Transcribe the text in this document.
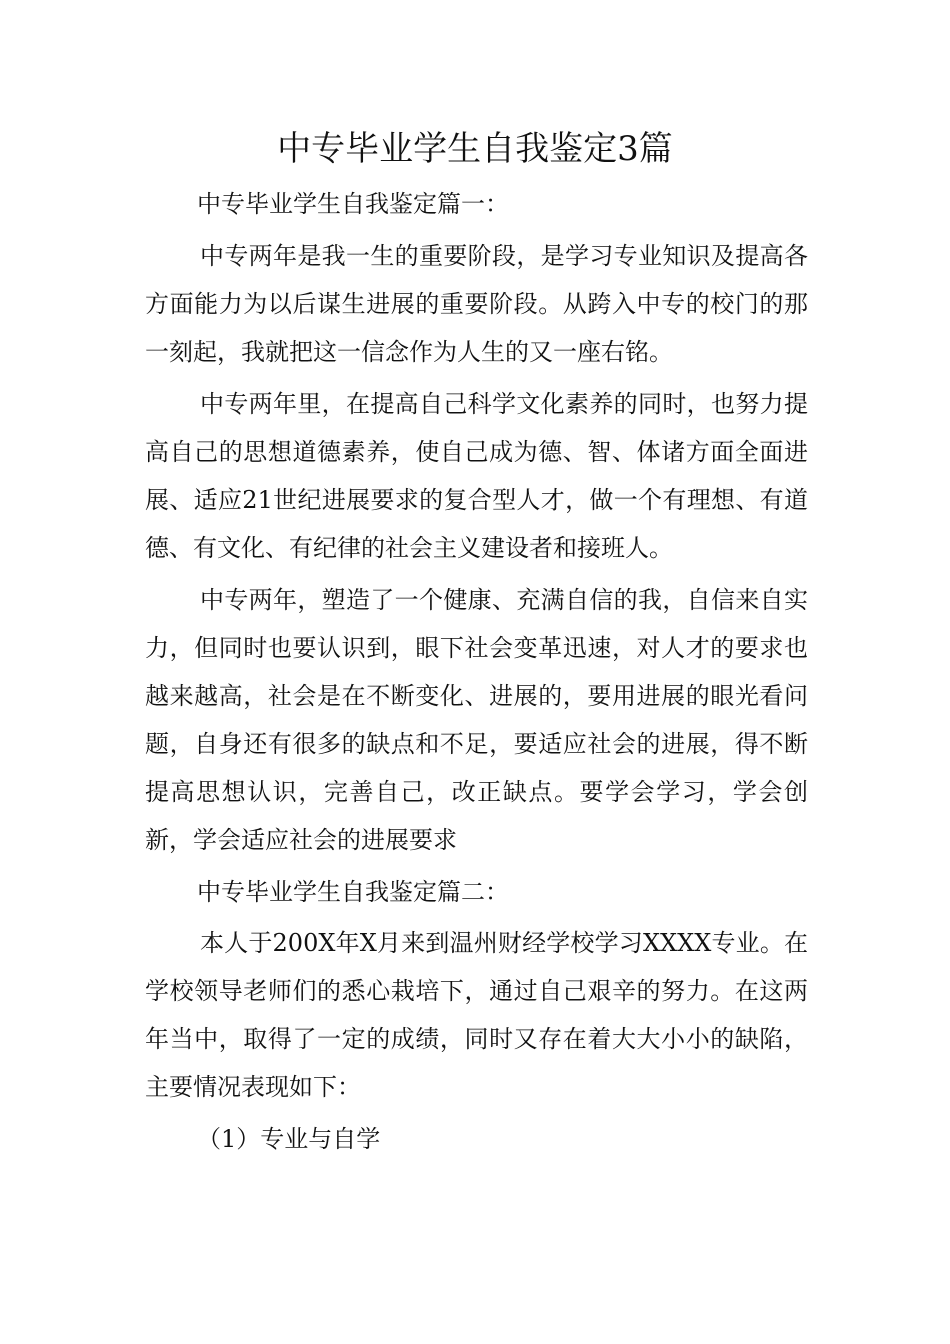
中专毕业学生自我鉴定3篇

中专毕业学生自我鉴定篇一：

中专两年是我一生的重要阶段，是学习专业知识及提高各方面能力为以后谋生进展的重要阶段。从跨入中专的校门的那一刻起，我就把这一信念作为人生的又一座右铭。

中专两年里，在提高自己科学文化素养的同时，也努力提高自己的思想道德素养，使自己成为德、智、体诸方面全面进展、适应21世纪进展要求的复合型人才，做一个有理想、有道德、有文化、有纪律的社会主义建设者和接班人。

中专两年，塑造了一个健康、充满自信的我，自信来自实力，但同时也要认识到，眼下社会变革迅速，对人才的要求也越来越高，社会是在不断变化、进展的，要用进展的眼光看问题，自身还有很多的缺点和不足，要适应社会的进展，得不断提高思想认识，完善自己，改正缺点。要学会学习，学会创新，学会适应社会的进展要求

中专毕业学生自我鉴定篇二：

本人于200X年X月来到温州财经学校学习XXXX专业。在学校领导老师们的悉心栽培下，通过自己艰辛的努力。在这两年当中，取得了一定的成绩，同时又存在着大大小小的缺陷，主要情况表现如下：

（1）专业与自学
